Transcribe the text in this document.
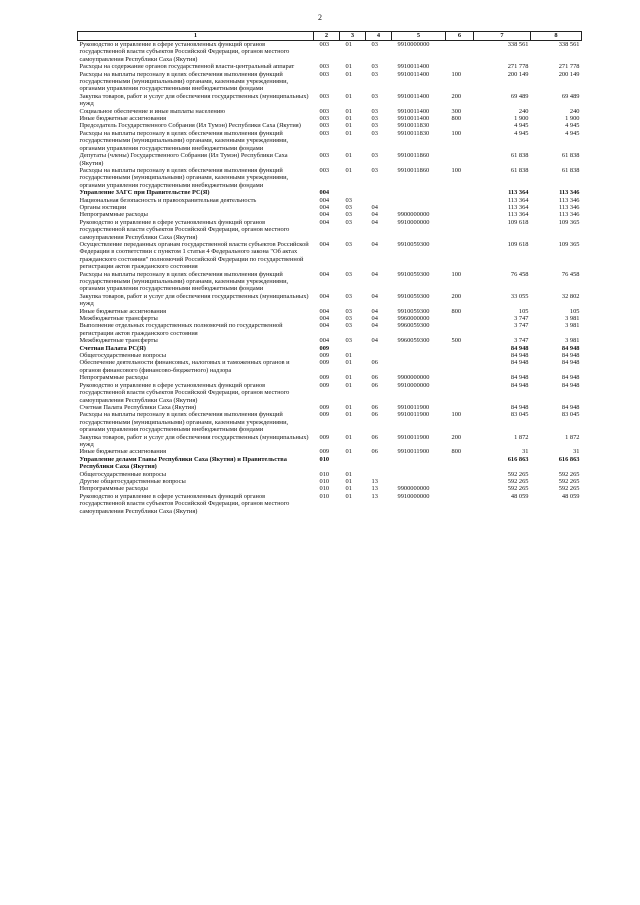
2
1	2	3	4	5	6	7	8
Руководство и управление в сфере установленных функций органов государственной власти субъектов Российской Федерации, органов местного самоуправления Республики Саха (Якутия)	003	01	03	9910000000		338 561	338 561
Расходы на содержание органов государственной власти-центральный аппарат	003	01	03	9910011400		271 778	271 778
Расходы на выплаты персоналу в целях обеспечения выполнения функций государственными (муниципальными) органами, казенными учреждениями, органами управления государственными внебюджетными фондами	003	01	03	9910011400	100	200 149	200 149
Закупка товаров, работ и услуг для обеспечения государственных (муниципальных) нужд	003	01	03	9910011400	200	69 489	69 489
Социальное обеспечение и иные выплаты населению	003	01	03	9910011400	300	240	240
Иные бюджетные ассигнования	003	01	03	9910011400	800	1 900	1 900
Председатель Государственного Собрания (Ил Тумэн) Республики Саха (Якутия)	003	01	03	9910011830		4 945	4 945
Расходы на выплаты персоналу в целях обеспечения выполнения функций государственными (муниципальными) органами, казенными учреждениями, органами управления государственными внебюджетными фондами	003	01	03	9910011830	100	4 945	4 945
Депутаты (члены) Государственного Собрания (Ил Тумэн) Республики Саха (Якутия)	003	01	03	9910011860		61 838	61 838
Расходы на выплаты персоналу в целях обеспечения выполнения функций государственными (муниципальными) органами, казенными учреждениями, органами управления государственными внебюджетными фондами	003	01	03	9910011860	100	61 838	61 838
Управление ЗАГС при Правительстве РС(Я)	004					113 364	113 346
Национальная безопасность и правоохранительная деятельность	004	03				113 364	113 346
Органы юстиции	004	03	04			113 364	113 346
Непрограммные расходы	004	03	04	9900000000		113 364	113 346
Руководство и управление в сфере установленных функций органов государственной власти субъектов Российской Федерации, органов местного самоуправления Республики Саха (Якутия)	004	03	04	9910000000		109 618	109 365
Осуществление переданных органам государственной власти субъектов Российской Федерации в соответствии с пунктом 1 статьи 4 Федерального закона "Об актах гражданского состояния" полномочий Российской Федерации по государственной регистрации актов гражданского состояния	004	03	04	9910059300		109 618	109 365
Расходы на выплаты персоналу в целях обеспечения выполнения функций государственными (муниципальными) органами, казенными учреждениями, органами управления государственными внебюджетными фондами	004	03	04	9910059300	100	76 458	76 458
Закупка товаров, работ и услуг для обеспечения государственных (муниципальных) нужд	004	03	04	9910059300	200	33 055	32 802
Иные бюджетные ассигнования	004	03	04	9910059300	800	105	105
Межбюджетные трансферты	004	03	04	9960000000		3 747	3 981
Выполнение отдельных государственных полномочий по государственной регистрации актов гражданского состояния	004	03	04	9960059300		3 747	3 981
Межбюджетные трансферты	004	03	04	9960059300	500	3 747	3 981
Счетная Палата РС(Я)	009					84 948	84 948
Общегосударственные вопросы	009	01				84 948	84 948
Обеспечение деятельности финансовых, налоговых и таможенных органов и органов финансового (финансово-бюджетного) надзора	009	01	06			84 948	84 948
Непрограммные расходы	009	01	06	9900000000		84 948	84 948
Руководство и управление в сфере установленных функций органов государственной власти субъектов Российской Федерации, органов местного самоуправления Республики Саха (Якутия)	009	01	06	9910000000		84 948	84 948
Счетная Палата Республики Саха (Якутия)	009	01	06	9910011900		84 948	84 948
Расходы на выплаты персоналу в целях обеспечения выполнения функций государственными (муниципальными) органами, казенными учреждениями, органами управления государственными внебюджетными фондами	009	01	06	9910011900	100	83 045	83 045
Закупка товаров, работ и услуг для обеспечения государственных (муниципальных) нужд	009	01	06	9910011900	200	1 872	1 872
Иные бюджетные ассигнования	009	01	06	9910011900	800	31	31
Управление делами Главы Республики Саха (Якутия) и Правительства Республики Саха (Якутия)	010					616 863	616 863
Общегосударственные вопросы	010	01				592 265	592 265
Другие общегосударственные вопросы	010	01	13			592 265	592 265
Непрограммные расходы	010	01	13	9900000000		592 265	592 265
Руководство и управление в сфере установленных функций органов государственной власти субъектов Российской Федерации, органов местного самоуправления Республики Саха (Якутия)	010	01	13	9910000000		48 059	48 059
